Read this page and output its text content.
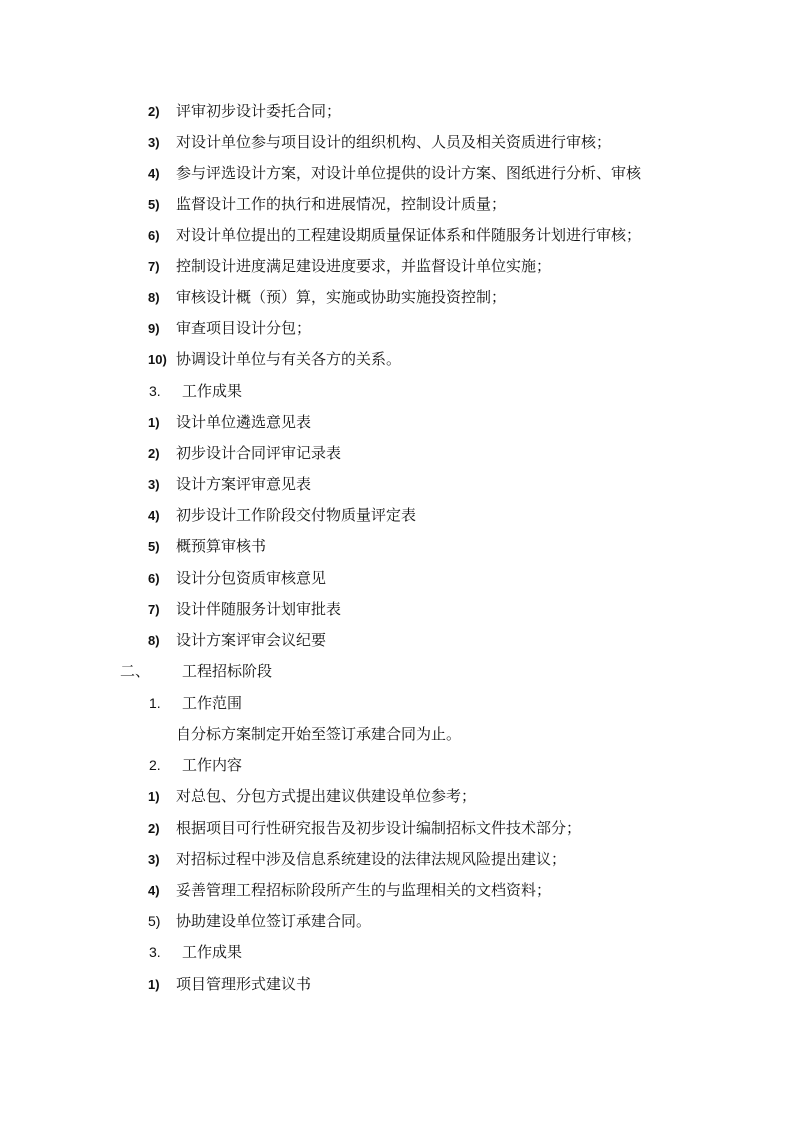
2) 评审初步设计委托合同；
3) 对设计单位参与项目设计的组织机构、人员及相关资质进行审核；
4) 参与评选设计方案，对设计单位提供的设计方案、图纸进行分析、审核
5) 监督设计工作的执行和进展情况，控制设计质量；
6) 对设计单位提出的工程建设期质量保证体系和伴随服务计划进行审核；
7) 控制设计进度满足建设进度要求，并监督设计单位实施；
8) 审核设计概（预）算，实施或协助实施投资控制；
9) 审查项目设计分包；
10) 协调设计单位与有关各方的关系。
3. 工作成果
1) 设计单位遴选意见表
2) 初步设计合同评审记录表
3) 设计方案评审意见表
4) 初步设计工作阶段交付物质量评定表
5) 概预算审核书
6) 设计分包资质审核意见
7) 设计伴随服务计划审批表
8) 设计方案评审会议纪要
二、 工程招标阶段
1. 工作范围
自分标方案制定开始至签订承建合同为止。
2. 工作内容
1) 对总包、分包方式提出建议供建设单位参考；
2) 根据项目可行性研究报告及初步设计编制招标文件技术部分；
3) 对招标过程中涉及信息系统建设的法律法规风险提出建议；
4) 妥善管理工程招标阶段所产生的与监理相关的文档资料；
5) 协助建设单位签订承建合同。
3. 工作成果
1) 项目管理形式建议书
